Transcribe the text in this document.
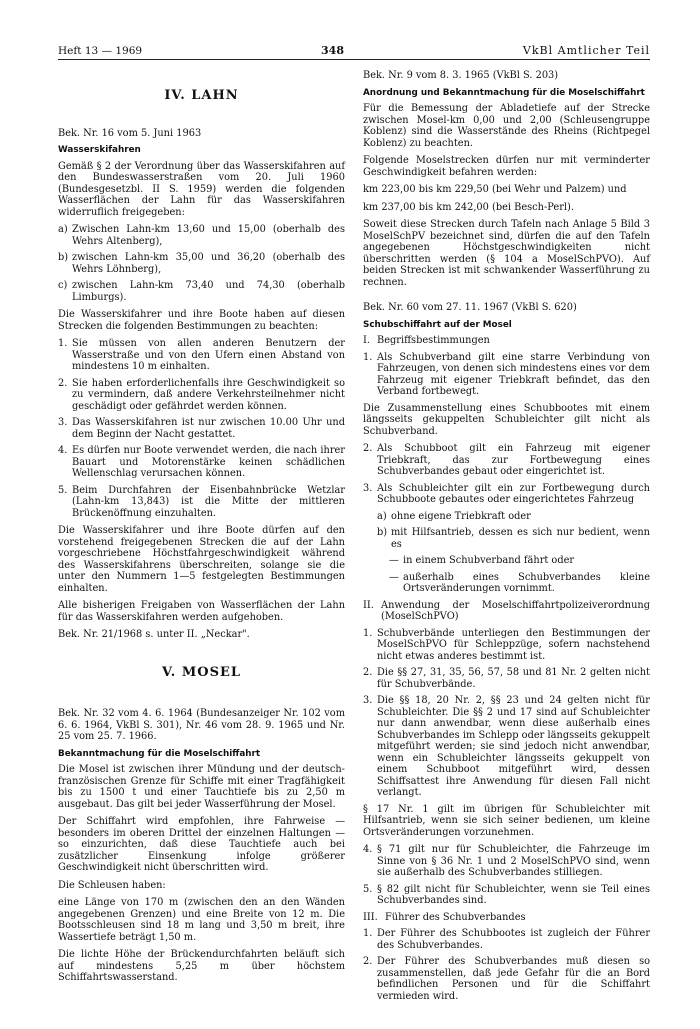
Heft 13 — 1969	348	VkBl Amtlicher Teil
IV. LAHN

Bek. Nr. 16 vom 5. Juni 1963

Wasserskifahren

Gemäß § 2 der Verordnung über das Wasserskifahren auf den Bundeswasserstraßen vom 20. Juli 1960 (Bundesgesetzbl. II S. 1959) werden die folgenden Wasserflächen der Lahn für das Wasserskifahren widerruflich freigegeben:

a) Zwischen Lahn-km 13,60 und 15,00 (oberhalb des Wehrs Altenberg),
b) zwischen Lahn-km 35,00 und 36,20 (oberhalb des Wehrs Löhnberg),
c) zwischen Lahn-km 73,40 und 74,30 (oberhalb Limburgs).

Die Wasserskifahrer und ihre Boote haben auf diesen Strecken die folgenden Bestimmungen zu beachten:

1. Sie müssen von allen anderen Benutzern der Wasserstraße und von den Ufern einen Abstand von mindestens 10 m einhalten.
2. Sie haben erforderlichenfalls ihre Geschwindigkeit so zu vermindern, daß andere Verkehrsteilnehmer nicht geschädigt oder gefährdet werden können.
3. Das Wasserskifahren ist nur zwischen 10.00 Uhr und dem Beginn der Nacht gestattet.
4. Es dürfen nur Boote verwendet werden, die nach ihrer Bauart und Motorenstärke keinen schädlichen Wellenschlag verursachen können.
5. Beim Durchfahren der Eisenbahnbrücke Wetzlar (Lahn-km 13,843) ist die Mitte der mittleren Brückenöffnung einzuhalten.

Die Wasserskifahrer und ihre Boote dürfen auf den vorstehend freigegebenen Strecken die auf der Lahn vorgeschriebene Höchstfahrgeschwindigkeit während des Wasserskifahrens überschreiten, solange sie die unter den Nummern 1—5 festgelegten Bestimmungen einhalten.

Alle bisherigen Freigaben von Wasserflächen der Lahn für das Wasserskifahren werden aufgehoben.

Bek. Nr. 21/1968 s. unter II. „Neckar".

V. MOSEL

Bek. Nr. 32 vom 4. 6. 1964 (Bundesanzeiger Nr. 102 vom 6. 6. 1964, VkBl S. 301), Nr. 46 vom 28. 9. 1965 und Nr. 25 vom 25. 7. 1966.

Bekanntmachung für die Moselschiffahrt

Die Mosel ist zwischen ihrer Mündung und der deutsch-französischen Grenze für Schiffe mit einer Tragfähigkeit bis zu 1500 t und einer Tauchtiefe bis zu 2,50 m ausgebaut. Das gilt bei jeder Wasserführung der Mosel.

Der Schiffahrt wird empfohlen, ihre Fahrweise — besonders im oberen Drittel der einzelnen Haltungen — so einzurichten, daß diese Tauchtiefe auch bei zusätzlicher Einsenkung infolge größerer Geschwindigkeit nicht überschritten wird.

Die Schleusen haben:

eine Länge von 170 m (zwischen den an den Wänden angegebenen Grenzen) und eine Breite von 12 m. Die Bootsschleusen sind 18 m lang und 3,50 m breit, ihre Wassertiefe beträgt 1,50 m.

Die lichte Höhe der Brückendurchfahrten beläuft sich auf mindestens 5,25 m über höchstem Schiffahrtswasserstand.

Bek. Nr. 9 vom 8. 3. 1965 (VkBl S. 203)

Anordnung und Bekanntmachung für die Moselschiffahrt

Für die Bemessung der Abladetiefe auf der Strecke zwischen Mosel-km 0,00 und 2,00 (Schleusengruppe Koblenz) sind die Wasserstände des Rheins (Richtpegel Koblenz) zu beachten.

Folgende Moselstrecken dürfen nur mit verminderter Geschwindigkeit befahren werden:

km 223,00 bis km 229,50 (bei Wehr und Palzem) und

km 237,00 bis km 242,00 (bei Besch-Perl).

Soweit diese Strecken durch Tafeln nach Anlage 5 Bild 3 MoselSchPV bezeichnet sind, dürfen die auf den Tafeln angegebenen Höchstgeschwindigkeiten nicht überschritten werden (§ 104 a MoselSchPVO). Auf beiden Strecken ist mit schwankender Wasserführung zu rechnen.

Bek. Nr. 60 vom 27. 11. 1967 (VkBl S. 620)

Schubschiffahrt auf der Mosel
I. Begriffsbestimmungen
1. Als Schubverband gilt eine starre Verbindung von Fahrzeugen, von denen sich mindestens eines vor dem Fahrzeug mit eigener Triebkraft befindet, das den Verband fortbewegt.

Die Zusammenstellung eines Schubbootes mit einem längsseits gekuppelten Schubleichter gilt nicht als Schubverband.

2. Als Schubboot gilt ein Fahrzeug mit eigener Triebkraft, das zur Fortbewegung eines Schubverbandes gebaut oder eingerichtet ist.
3. Als Schubleichter gilt ein zur Fortbewegung durch Schubboote gebautes oder eingerichtetes Fahrzeug
a) ohne eigene Triebkraft oder
b) mit Hilfsantrieb, dessen es sich nur bedient, wenn es
— in einem Schubverband fährt oder
— außerhalb eines Schubverbandes kleine Ortsveränderungen vornimmt.
II. Anwendung der Moselschiffahrtpolizeiverordnung (MoselSchPVO)
1. Schubverbände unterliegen den Bestimmungen der MoselSchPVO für Schleppzüge, sofern nachstehend nicht etwas anderes bestimmt ist.
2. Die §§ 27, 31, 35, 56, 57, 58 und 81 Nr. 2 gelten nicht für Schubverbände.
3. Die §§ 18, 20 Nr. 2, §§ 23 und 24 gelten nicht für Schubleichter. Die §§ 2 und 17 sind auf Schubleichter nur dann anwendbar, wenn diese außerhalb eines Schubverbandes im Schlepp oder längsseits gekuppelt mitgeführt werden; sie sind jedoch nicht anwendbar, wenn ein Schubleichter längsseits gekuppelt von einem Schubboot mitgeführt wird, dessen Schiffsattest ihre Anwendung für diesen Fall nicht verlangt.

§ 17 Nr. 1 gilt im übrigen für Schubleichter mit Hilfsantrieb, wenn sie sich seiner bedienen, um kleine Ortsveränderungen vorzunehmen.

4. § 71 gilt nur für Schubleichter, die Fahrzeuge im Sinne von § 36 Nr. 1 und 2 MoselSchPVO sind, wenn sie außerhalb des Schubverbandes stilliegen.
5. § 82 gilt nicht für Schubleichter, wenn sie Teil eines Schubverbandes sind.
III. Führer des Schubverbandes
1. Der Führer des Schubbootes ist zugleich der Führer des Schubverbandes.
2. Der Führer des Schubverbandes muß diesen so zusammenstellen, daß jede Gefahr für die an Bord befindlichen Personen und für die Schiffahrt vermieden wird.
